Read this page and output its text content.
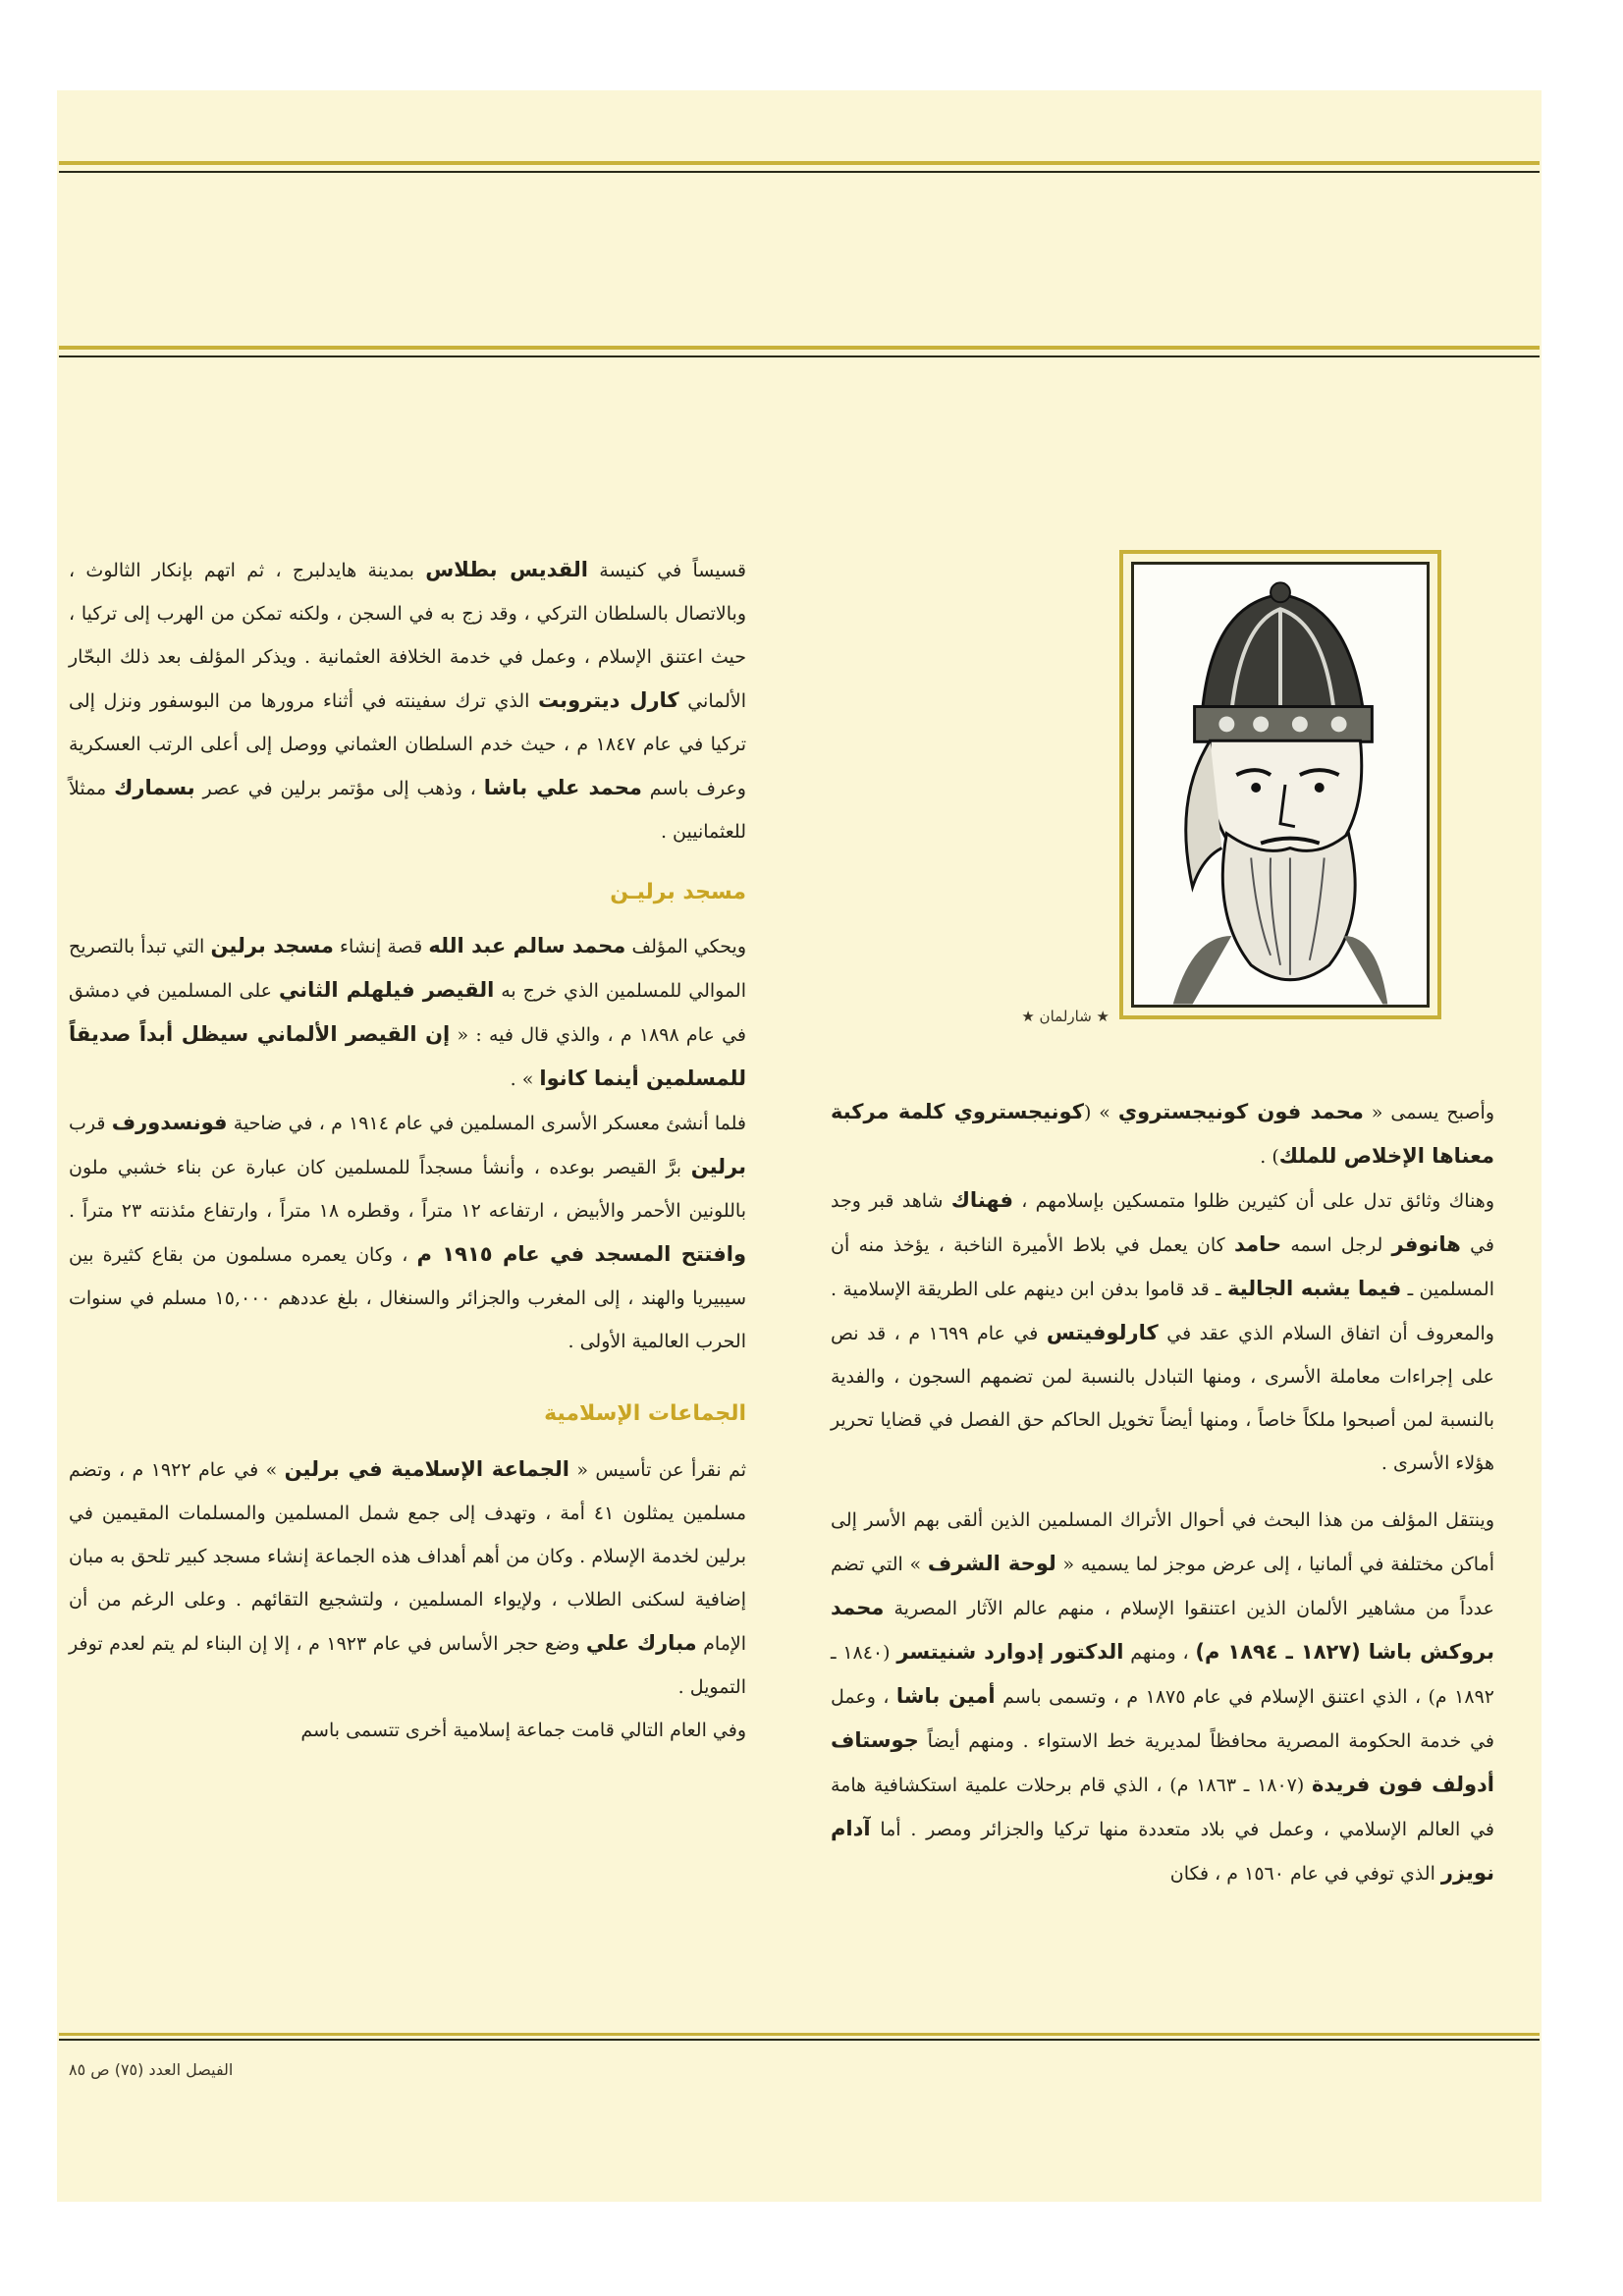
قسيساً في كنيسة القديس بطلاس بمدينة هايدلبرج ، ثم اتهم بإنكار الثالوث ، وبالاتصال بالسلطان التركي ، وقد زج به في السجن ، ولكنه تمكن من الهرب إلى تركيا ، حيث اعتنق الإسلام ، وعمل في خدمة الخلافة العثمانية . ويذكر المؤلف بعد ذلك البحّار الألماني كارل ديتروبت الذي ترك سفينته في أثناء مرورها من البوسفور ونزل إلى تركيا في عام ١٨٤٧ م ، حيث خدم السلطان العثماني ووصل إلى أعلى الرتب العسكرية وعرف باسم محمد علي باشا ، وذهب إلى مؤتمر برلين في عصر بسمارك ممثلاً للعثمانيين .

مسجد برليـن

ويحكي المؤلف محمد سالم عبد الله قصة إنشاء مسجد برلين التي تبدأ بالتصريح الموالي للمسلمين الذي خرج به القيصر فيلهلم الثاني على المسلمين في دمشق في عام ١٨٩٨ م ، والذي قال فيه : « إن القيصر الألماني سيظل أبداً صديقاً للمسلمين أينما كانوا » .

فلما أنشئ معسكر الأسرى المسلمين في عام ١٩١٤ م ، في ضاحية فونسدورف قرب برلين برَّ القيصر بوعده ، وأنشأ مسجداً للمسلمين كان عبارة عن بناء خشبي ملون باللونين الأحمر والأبيض ، ارتفاعه ١٢ متراً ، وقطره ١٨ متراً ، وارتفاع مئذنته ٢٣ متراً . وافتتح المسجد في عام ١٩١٥ م ، وكان يعمره مسلمون من بقاع كثيرة بين سيبيريا والهند ، إلى المغرب والجزائر والسنغال ، بلغ عددهم ١٥,٠٠٠ مسلم في سنوات الحرب العالمية الأولى .

الجماعات الإسلامية

ثم نقرأ عن تأسيس « الجماعة الإسلامية في برلين » في عام ١٩٢٢ م ، وتضم مسلمين يمثلون ٤١ أمة ، وتهدف إلى جمع شمل المسلمين والمسلمات المقيمين في برلين لخدمة الإسلام . وكان من أهم أهداف هذه الجماعة إنشاء مسجد كبير تلحق به مبان إضافية لسكنى الطلاب ، ولإيواء المسلمين ، ولتشجيع التقائهم . وعلى الرغم من أن الإمام مبارك علي وضع حجر الأساس في عام ١٩٢٣ م ، إلا إن البناء لم يتم لعدم توفر التمويل .

وفي العام التالي قامت جماعة إسلامية أخرى تتسمى باسم

★ شارلمان ★

وأصبح يسمى « محمد فون كونيجستروي » (كونيجستروي كلمة مركبة معناها الإخلاص للملك) .

وهناك وثائق تدل على أن كثيرين ظلوا متمسكين بإسلامهم ، فهناك شاهد قبر وجد في هانوفر لرجل اسمه حامد كان يعمل في بلاط الأميرة الناخبة ، يؤخذ منه أن المسلمين ـ فيما يشبه الجالية ـ قد قاموا بدفن ابن دينهم على الطريقة الإسلامية . والمعروف أن اتفاق السلام الذي عقد في كارلوفيتس في عام ١٦٩٩ م ، قد نص على إجراءات معاملة الأسرى ، ومنها التبادل بالنسبة لمن تضمهم السجون ، والفدية بالنسبة لمن أصبحوا ملكاً خاصاً ، ومنها أيضاً تخويل الحاكم حق الفصل في قضايا تحرير هؤلاء الأسرى .

وينتقل المؤلف من هذا البحث في أحوال الأتراك المسلمين الذين ألقى بهم الأسر إلى أماكن مختلفة في ألمانيا ، إلى عرض موجز لما يسميه « لوحة الشرف » التي تضم عدداً من مشاهير الألمان الذين اعتنقوا الإسلام ، منهم عالم الآثار المصرية محمد بروكش باشا (١٨٢٧ ـ ١٨٩٤ م) ، ومنهم الدكتور إدوارد شنيتسر (١٨٤٠ ـ ١٨٩٢ م) ، الذي اعتنق الإسلام في عام ١٨٧٥ م ، وتسمى باسم أمين باشا ، وعمل في خدمة الحكومة المصرية محافظاً لمديرية خط الاستواء . ومنهم أيضاً جوستاف أدولف فون فريدة (١٨٠٧ ـ ١٨٦٣ م) ، الذي قام برحلات علمية استكشافية هامة في العالم الإسلامي ، وعمل في بلاد متعددة منها تركيا والجزائر ومصر . أما آدام نويزر الذي توفي في عام ١٥٦٠ م ، فكان

الفيصل العدد (٧٥) ص ٨٥
